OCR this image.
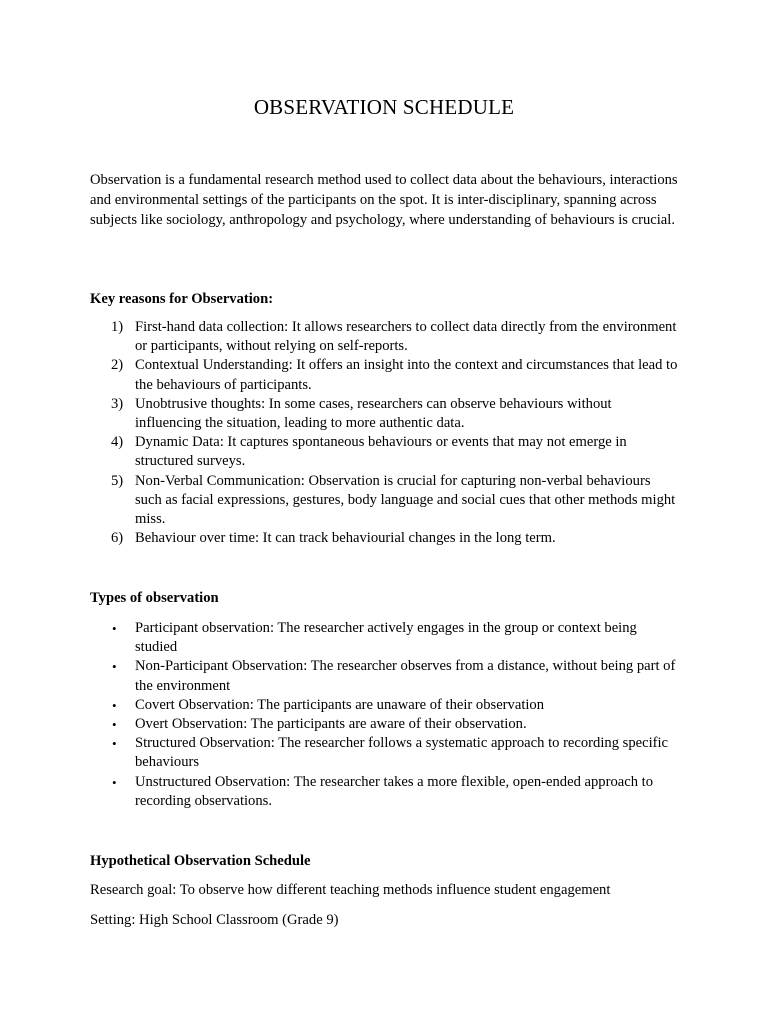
OBSERVATION SCHEDULE
Observation is a fundamental research method used to collect data about the behaviours, interactions and environmental settings of the participants on the spot. It is inter-disciplinary, spanning across subjects like sociology, anthropology and psychology, where understanding of behaviours is crucial.
Key reasons for Observation:
1) First-hand data collection: It allows researchers to collect data directly from the environment or participants, without relying on self-reports.
2) Contextual Understanding: It offers an insight into the context and circumstances that lead to the behaviours of participants.
3) Unobtrusive thoughts: In some cases, researchers can observe behaviours without influencing the situation, leading to more authentic data.
4) Dynamic Data: It captures spontaneous behaviours or events that may not emerge in structured surveys.
5) Non-Verbal Communication: Observation is crucial for capturing non-verbal behaviours such as facial expressions, gestures, body language and social cues that other methods might miss.
6) Behaviour over time: It can track behaviourial changes in the long term.
Types of observation
• Participant observation: The researcher actively engages in the group or context being studied
• Non-Participant Observation: The researcher observes from a distance, without being part of the environment
• Covert Observation: The participants are unaware of their observation
• Overt Observation: The participants are aware of their observation.
• Structured Observation: The researcher follows a systematic approach to recording specific behaviours
• Unstructured Observation: The researcher takes a more flexible, open-ended approach to recording observations.
Hypothetical Observation Schedule
Research goal: To observe how different teaching methods influence student engagement
Setting: High School Classroom (Grade 9)
